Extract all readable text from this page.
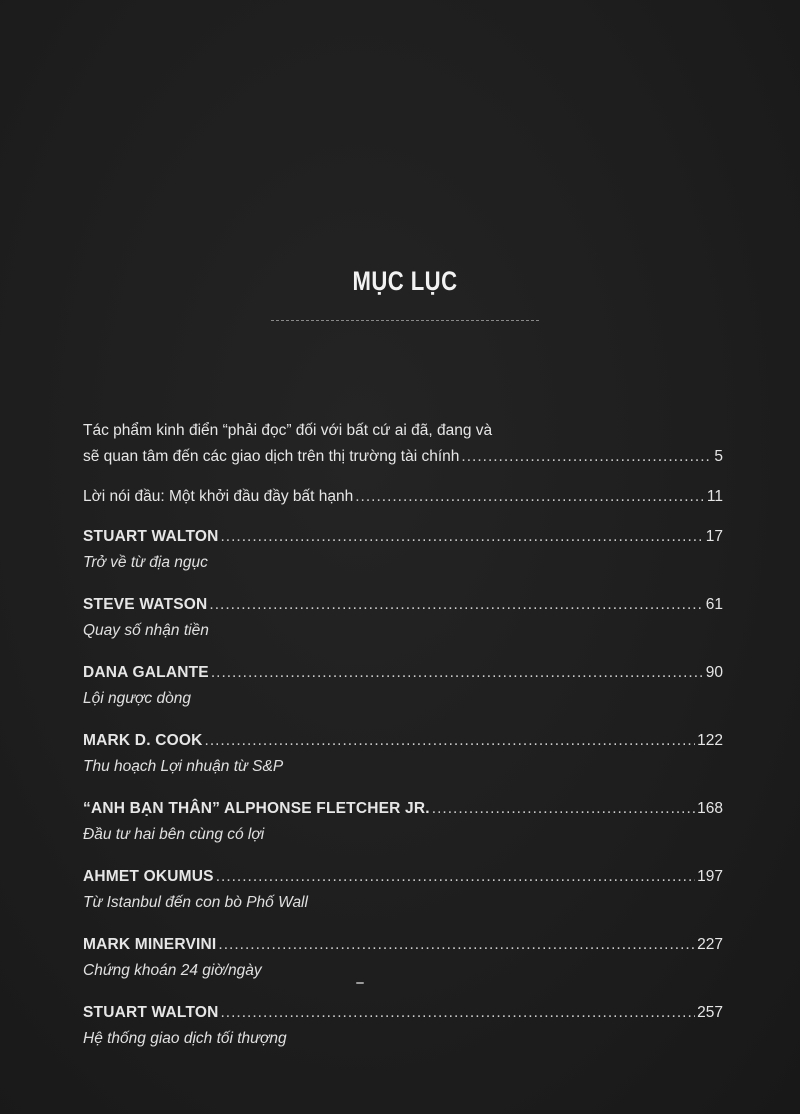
MỤC LỤC
Tác phẩm kinh điển “phải đọc” đối với bất cứ ai đã, đang và
sẽ quan tâm đến các giao dịch trên thị trường tài chính .....	5
Lời nói đầu: Một khởi đầu đầy bất hạnh .....	11
STUART WALTON .....	17
Trở về từ địa ngục
STEVE WATSON .....	61
Quay số nhận tiền
DANA GALANTE .....	90
Lội ngược dòng
MARK D. COOK .....	122
Thu hoạch Lợi nhuận từ S&P
“ANH BẠN THÂN” ALPHONSE FLETCHER JR. .....	168
Đầu tư hai bên cùng có lợi
AHMET OKUMUS .....	197
Từ Istanbul đến con bò Phố Wall
MARK MINERVINI .....	227
Chứng khoán 24 giờ/ngày
STUART WALTON .....	257
Hệ thống giao dịch tối thượng
